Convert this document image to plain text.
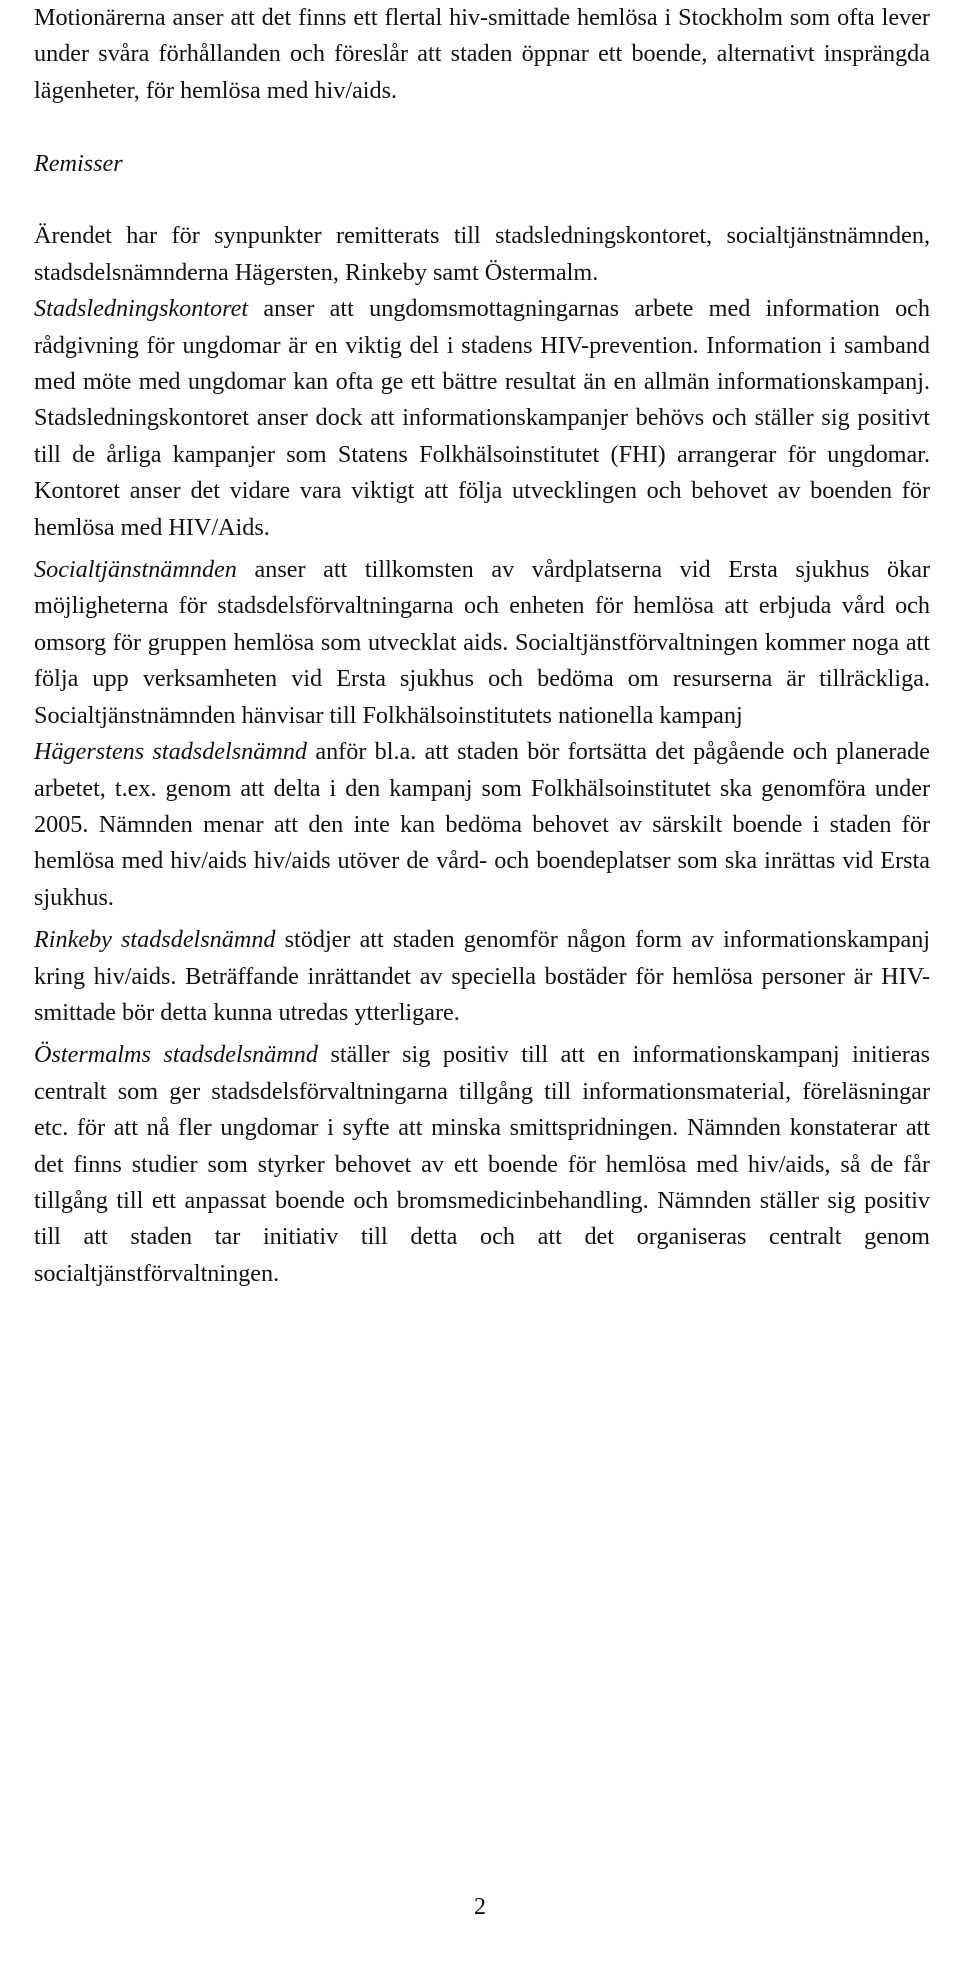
Motionärerna anser att det finns ett flertal hiv-smittade hemlösa i Stockholm som ofta lever under svåra förhållanden och föreslår att staden öppnar ett boende, alternativt insprängda lägenheter, för hemlösa med hiv/aids.

Remisser

Ärendet har för synpunkter remitterats till stadsledningskontoret, socialtjänstnämnden, stadsdelsnämnderna Hägersten, Rinkeby samt Östermalm.

Stadsledningskontoret anser att ungdomsmottagningarnas arbete med information och rådgivning för ungdomar är en viktig del i stadens HIV-prevention. Information i samband med möte med ungdomar kan ofta ge ett bättre resultat än en allmän informationskampanj. Stadsledningskontoret anser dock att informationskampanjer behövs och ställer sig positivt till de årliga kampanjer som Statens Folkhälsoinstitutet (FHI) arrangerar för ungdomar. Kontoret anser det vidare vara viktigt att följa utvecklingen och behovet av boenden för hemlösa med HIV/Aids.

Socialtjänstnämnden anser att tillkomsten av vårdplatserna vid Ersta sjukhus ökar möjligheterna för stadsdelsförvaltningarna och enheten för hemlösa att erbjuda vård och omsorg för gruppen hemlösa som utvecklat aids. Socialtjänstförvaltningen kommer noga att följa upp verksamheten vid Ersta sjukhus och bedöma om resurserna är tillräckliga. Socialtjänstnämnden hänvisar till Folkhälsoinstitutets nationella kampanj

Hägerstens stadsdelsnämnd anför bl.a. att staden bör fortsätta det pågående och planerade arbetet, t.ex. genom att delta i den kampanj som Folkhälsoinstitutet ska genomföra under 2005. Nämnden menar att den inte kan bedöma behovet av särskilt boende i staden för hemlösa med hiv/aids hiv/aids utöver de vård- och boendeplatser som ska inrättas vid Ersta sjukhus.

Rinkeby stadsdelsnämnd stödjer att staden genomför någon form av informationskampanj kring hiv/aids. Beträffande inrättandet av speciella bostäder för hemlösa personer är HIV-smittade bör detta kunna utredas ytterligare.

Östermalms stadsdelsnämnd ställer sig positiv till att en informationskampanj initieras centralt som ger stadsdelsförvaltningarna tillgång till informationsmaterial, föreläsningar etc. för att nå fler ungdomar i syfte att minska smittspridningen. Nämnden konstaterar att det finns studier som styrker behovet av ett boende för hemlösa med hiv/aids, så de får tillgång till ett anpassat boende och bromsmedicinbehandling. Nämnden ställer sig positiv till att staden tar initiativ till detta och att det organiseras centralt genom socialtjänstförvaltningen.

2
